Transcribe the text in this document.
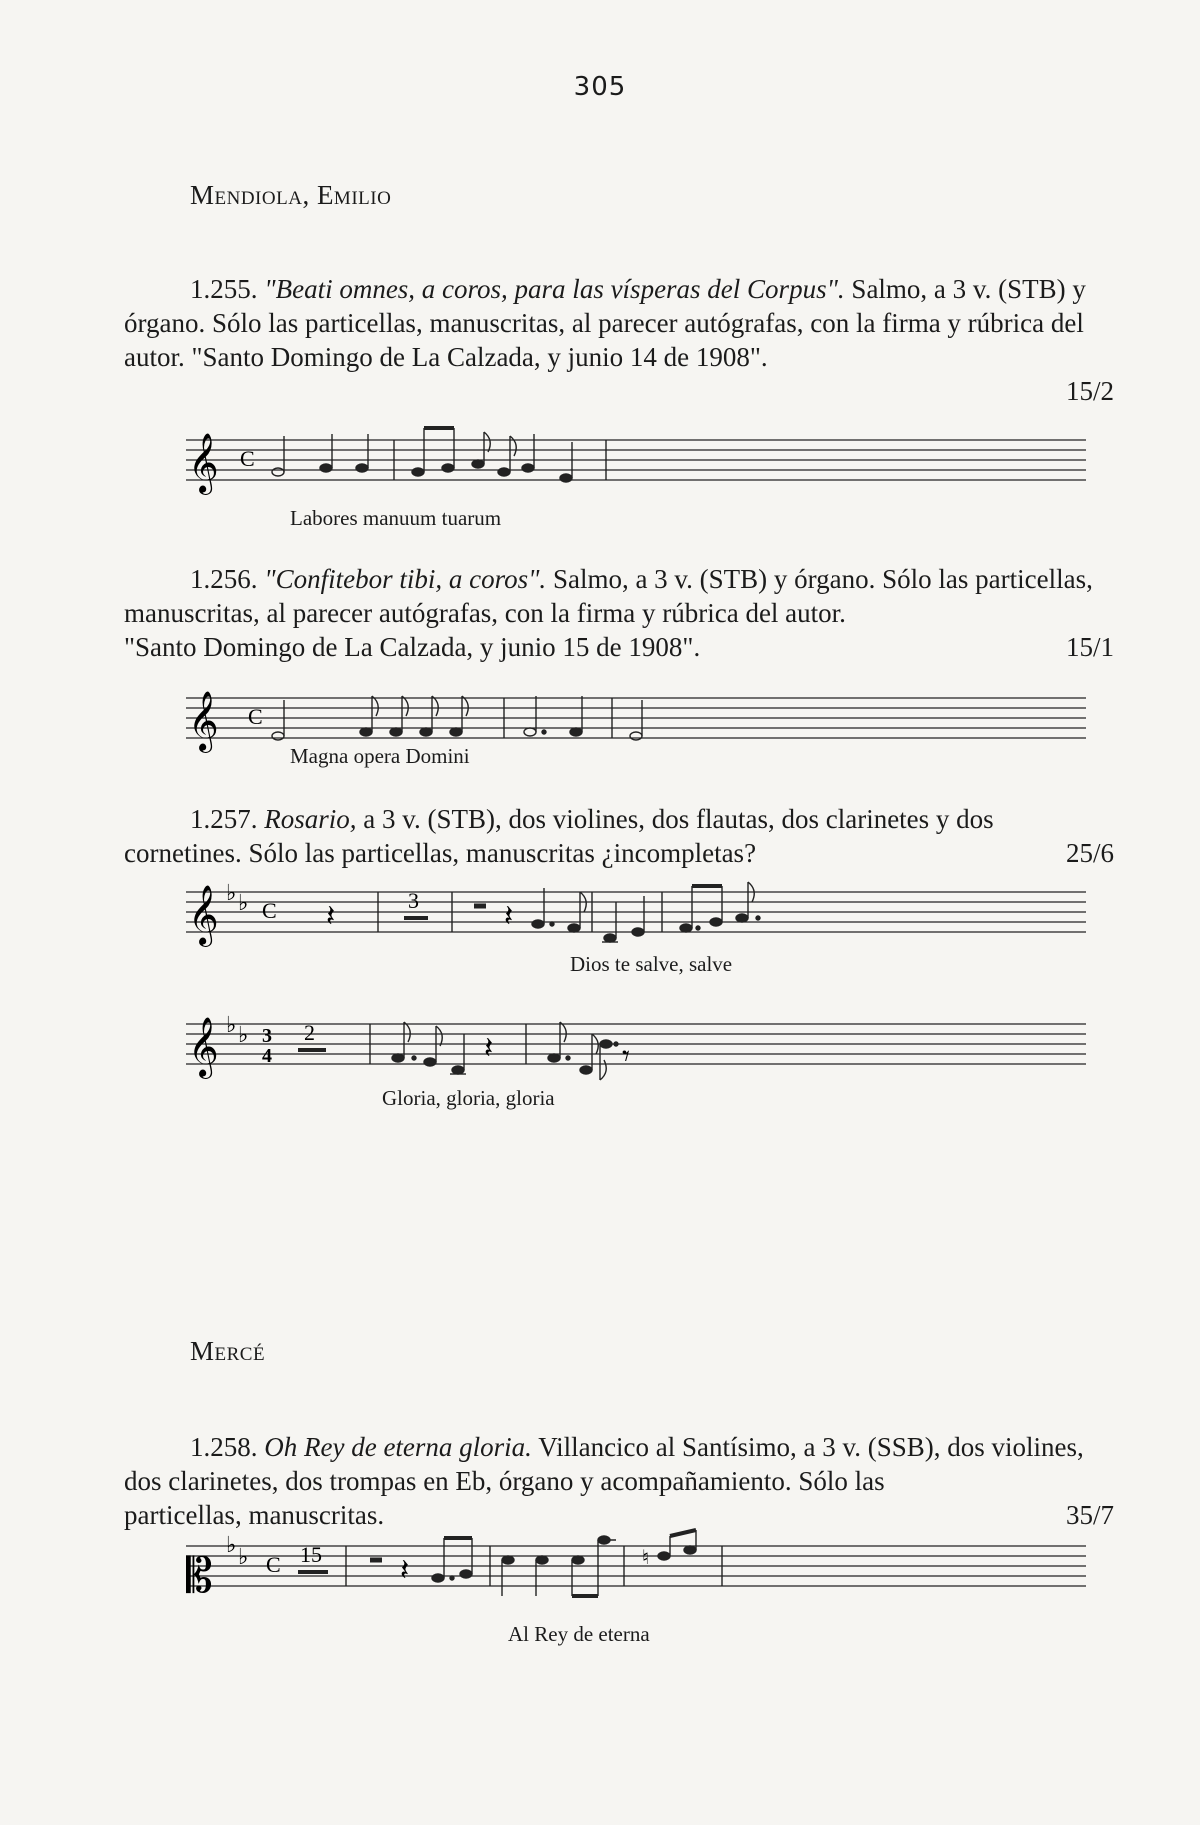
305
Mendiola, Emilio

1.255. "Beati omnes, a coros, para las vísperas del Corpus". Salmo, a 3 v. (STB) y órgano. Sólo las particellas, manuscritas, al parecer autógrafas, con la firma y rúbrica del autor. "Santo Domingo de La Calzada, y junio 14 de 1908".

15/2

𝄞 C
Labores manuum tuarum

1.256. "Confitebor tibi, a coros". Salmo, a 3 v. (STB) y órgano. Sólo las particellas, manuscritas, al parecer autógrafas, con la firma y rúbrica del autor.

"Santo Domingo de La Calzada, y junio 15 de 1908".	15/1

𝄞 C
Magna opera Domini

1.257. Rosario, a 3 v. (STB), dos violines, dos flautas, dos clarinetes y dos

cornetines. Sólo las particellas, manuscritas ¿incompletas?	25/6

𝄞 ♭ ♭ C 𝄽	3	𝄽
Dios te salve, salve
𝄞 ♭ ♭ 3
4
2	𝄽	𝄾
Gloria, gloria, gloria
Mercé

1.258. Oh Rey de eterna gloria. Villancico al Santísimo, a 3 v. (SSB), dos violines, dos clarinetes, dos trompas en Eb, órgano y acompañamiento. Sólo las

particellas, manuscritas.	35/7

𝄡
♭ ♭ C 15	𝄽	♮
Al Rey de eterna
